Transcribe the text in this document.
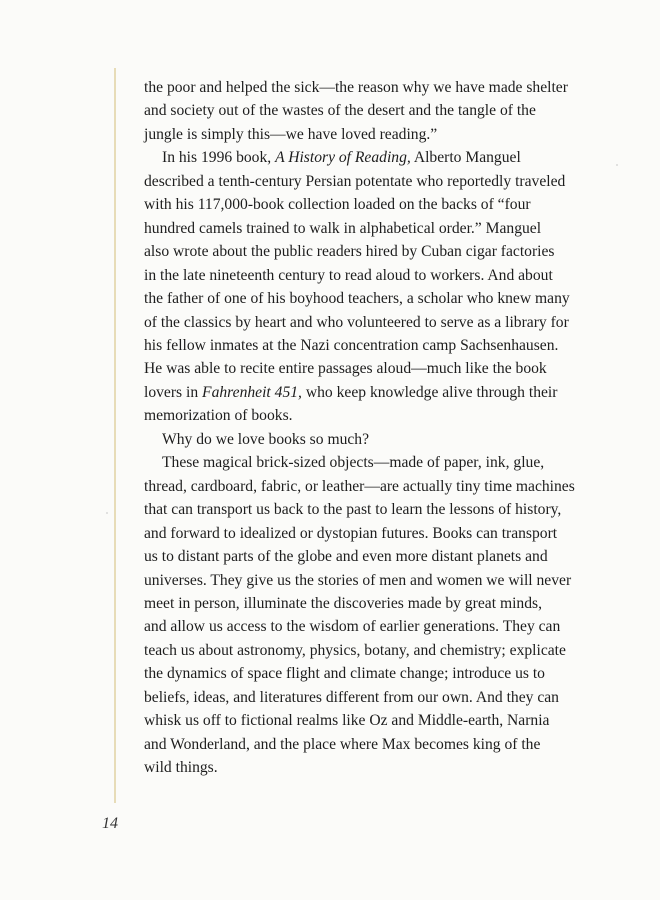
the poor and helped the sick—the reason why we have made shelter
and society out of the wastes of the desert and the tangle of the
jungle is simply this—we have loved reading.”
In his 1996 book, A History of Reading, Alberto Manguel
described a tenth-century Persian potentate who reportedly traveled
with his 117,000-book collection loaded on the backs of “four
hundred camels trained to walk in alphabetical order.” Manguel
also wrote about the public readers hired by Cuban cigar factories
in the late nineteenth century to read aloud to workers. And about
the father of one of his boyhood teachers, a scholar who knew many
of the classics by heart and who volunteered to serve as a library for
his fellow inmates at the Nazi concentration camp Sachsenhausen.
He was able to recite entire passages aloud—much like the book
lovers in Fahrenheit 451, who keep knowledge alive through their
memorization of books.
Why do we love books so much?
These magical brick-sized objects—made of paper, ink, glue,
thread, cardboard, fabric, or leather—are actually tiny time machines
that can transport us back to the past to learn the lessons of history,
and forward to idealized or dystopian futures. Books can transport
us to distant parts of the globe and even more distant planets and
universes. They give us the stories of men and women we will never
meet in person, illuminate the discoveries made by great minds,
and allow us access to the wisdom of earlier generations. They can
teach us about astronomy, physics, botany, and chemistry; explicate
the dynamics of space flight and climate change; introduce us to
beliefs, ideas, and literatures different from our own. And they can
whisk us off to fictional realms like Oz and Middle-earth, Narnia
and Wonderland, and the place where Max becomes king of the
wild things.
14
